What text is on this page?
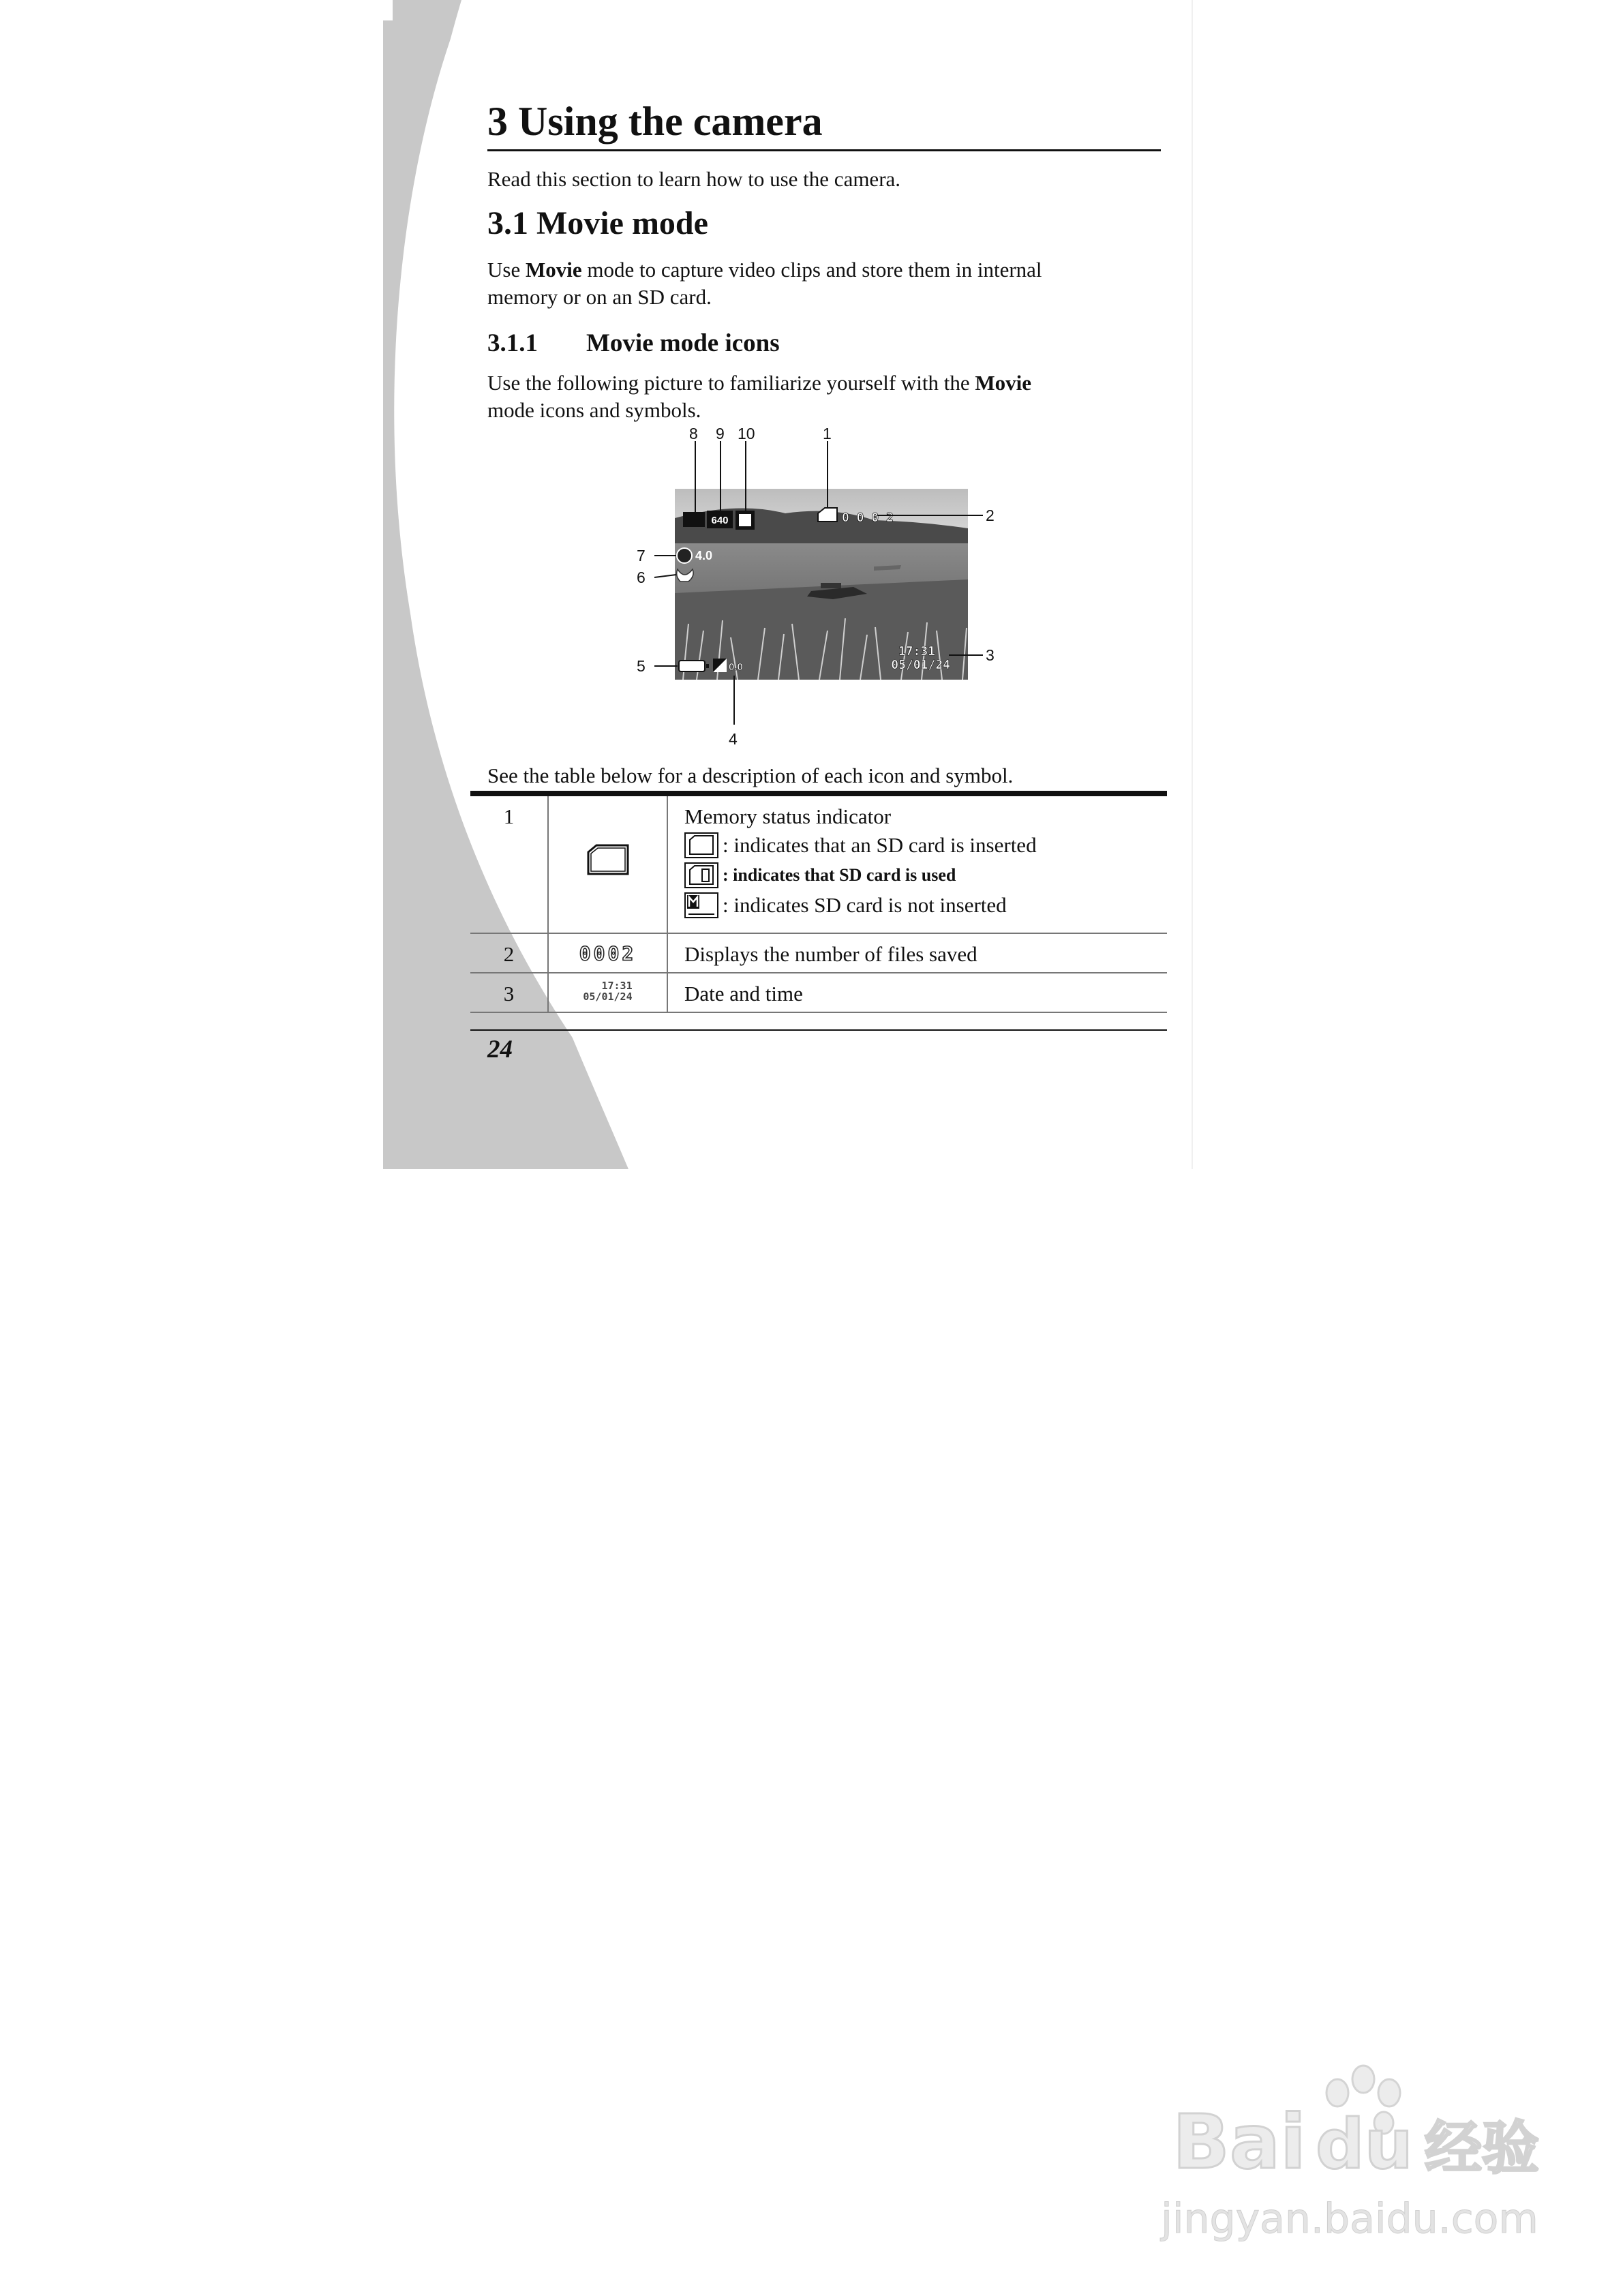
3 Using the camera

Read this section to learn how to use the camera.

3.1 Movie mode

Use Movie mode to capture video clips and store them in internal

memory or on an SD card.

3.1.1 Movie mode icons

Use the following picture to familiarize yourself with the Movie

mode icons and symbols.

640	0 0 0 2
4.0
17:31
05/01/24
0.0
8 9 10	1
2
7
6
5
3
4

See the table below for a description of each icon and symbol.

1		Memory status indicator
: indicates that an SD card is inserted
: indicates that SD card is used
: indicates SD card is not inserted

2	0002	Displays the number of files saved

3	17:31
05/01/24	Date and time
24
Bai du 经验
jingyan.baidu.com
